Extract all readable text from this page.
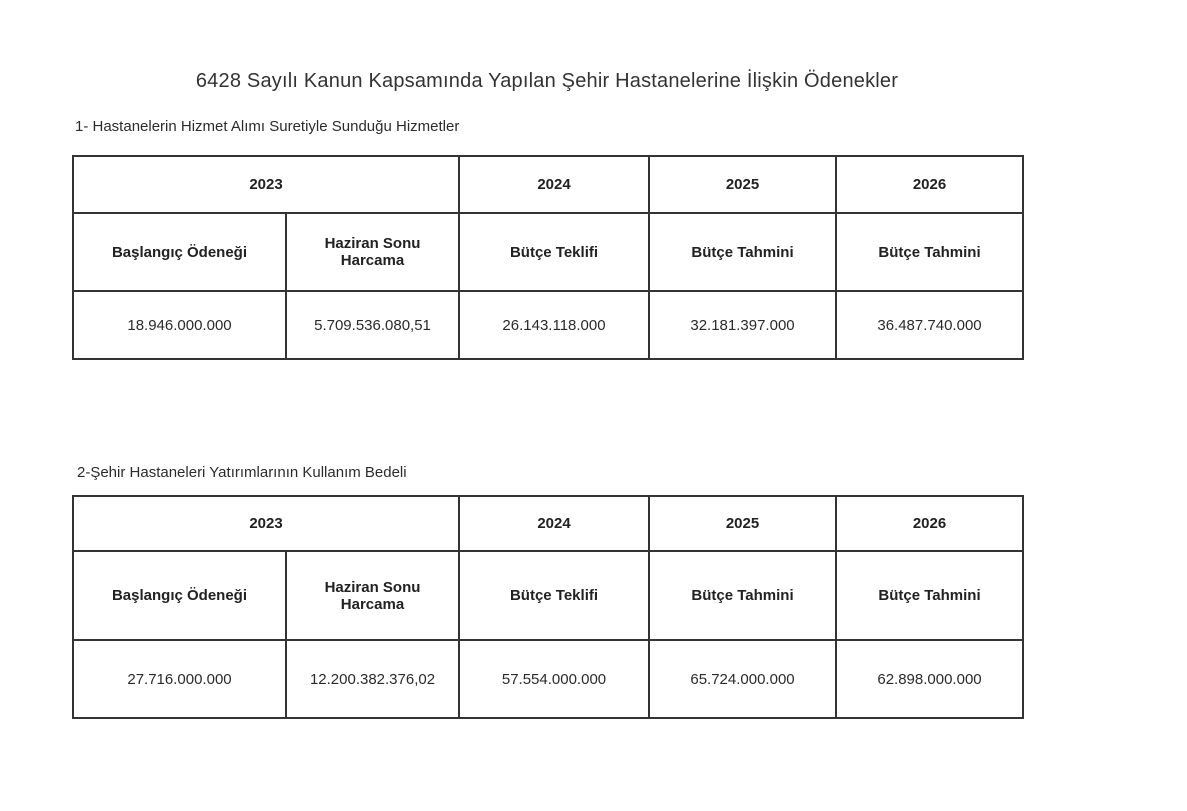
6428 Sayılı Kanun Kapsamında Yapılan Şehir Hastanelerine İlişkin Ödenekler
1- Hastanelerin Hizmet Alımı Suretiyle Sunduğu Hizmetler
2023		2024	2025	2026
Başlangıç Ödeneği	Haziran Sonu Harcama	Bütçe Teklifi	Bütçe Tahmini	Bütçe Tahmini
18.946.000.000	5.709.536.080,51	26.143.118.000	32.181.397.000	36.487.740.000
2-Şehir Hastaneleri Yatırımlarının Kullanım Bedeli
2023		2024	2025	2026
Başlangıç Ödeneği	Haziran Sonu Harcama	Bütçe Teklifi	Bütçe Tahmini	Bütçe Tahmini
27.716.000.000	12.200.382.376,02	57.554.000.000	65.724.000.000	62.898.000.000
